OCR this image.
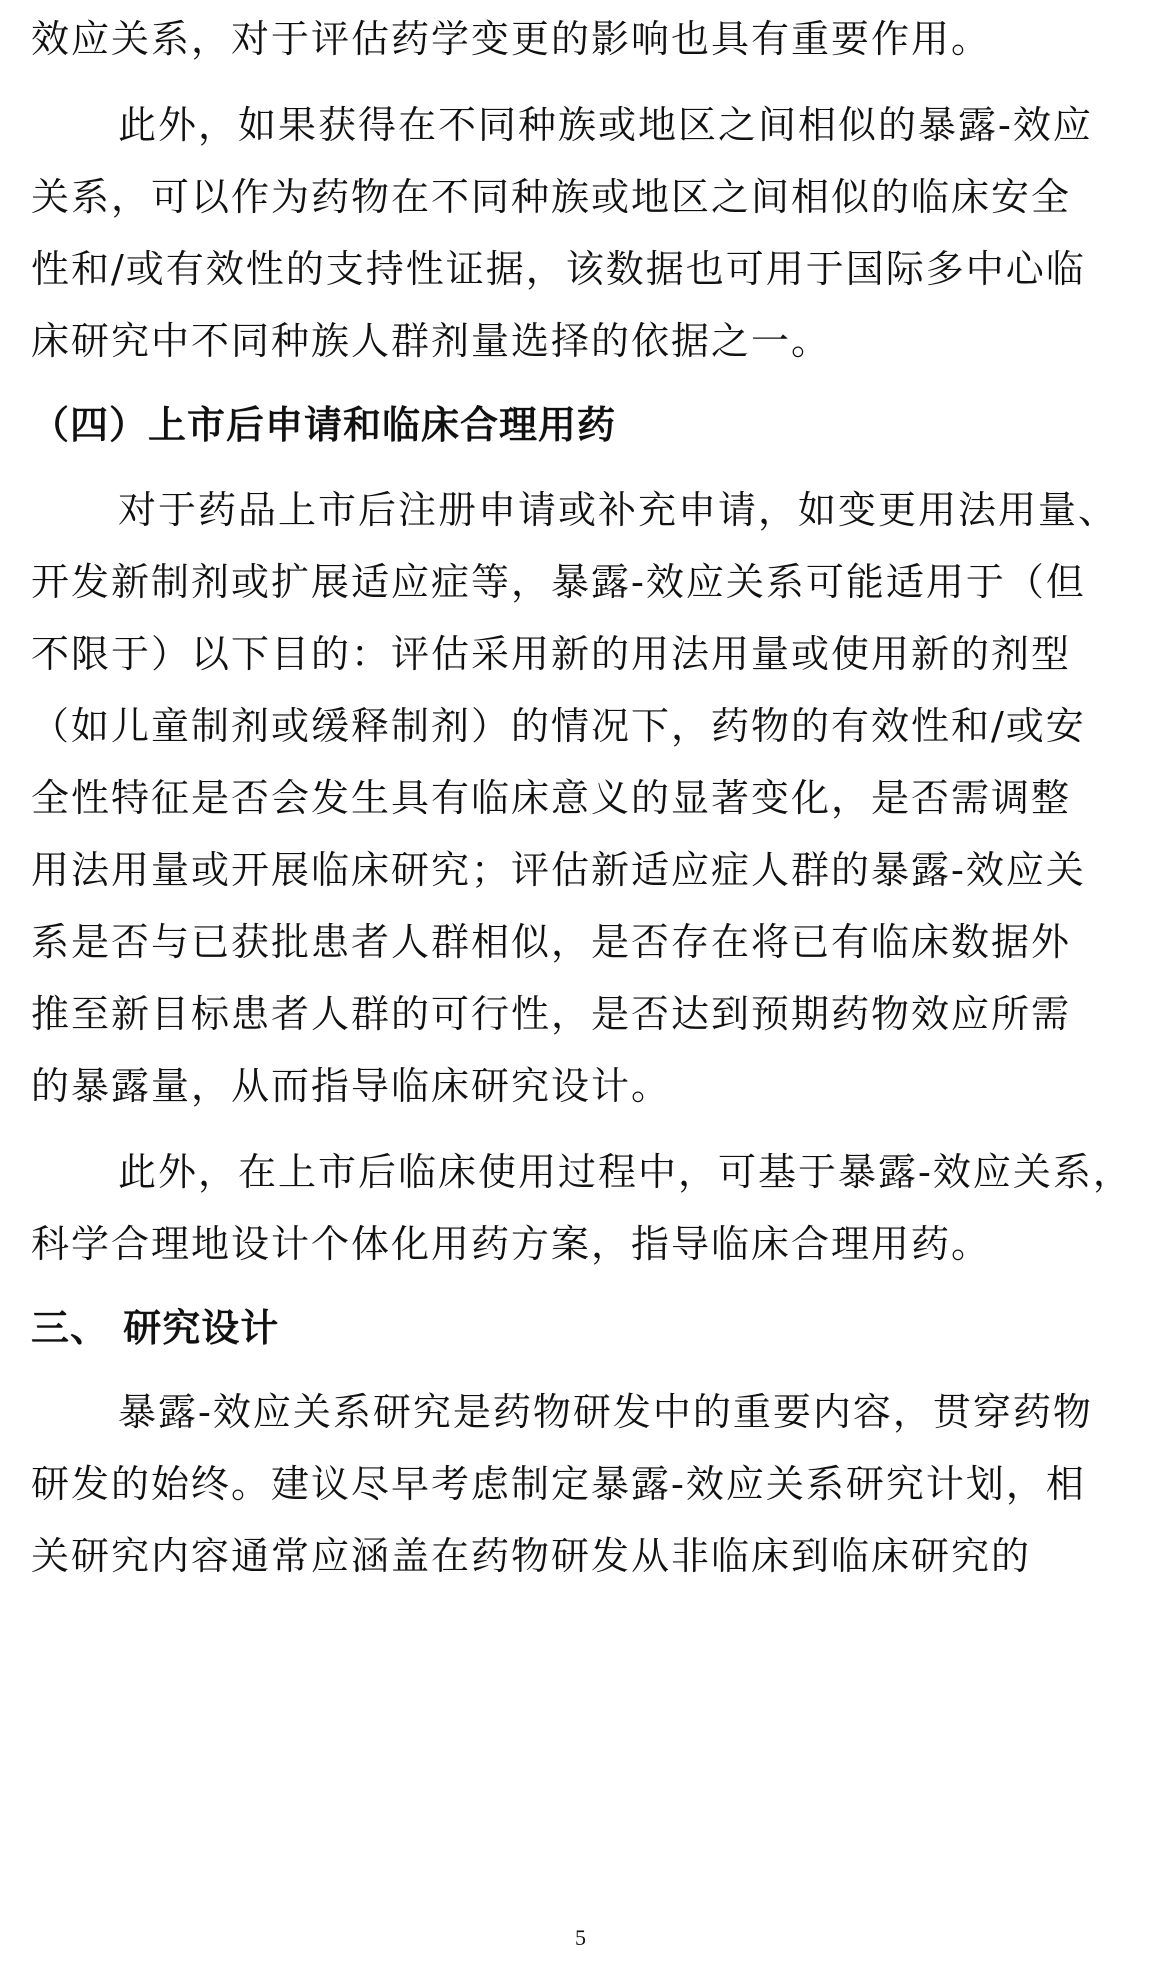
效应关系，对于评估药学变更的影响也具有重要作用。
此外，如果获得在不同种族或地区之间相似的暴露-效应
关系，可以作为药物在不同种族或地区之间相似的临床安全
性和/或有效性的支持性证据，该数据也可用于国际多中心临
床研究中不同种族人群剂量选择的依据之一。
（四）上市后申请和临床合理用药
对于药品上市后注册申请或补充申请，如变更用法用量、
开发新制剂或扩展适应症等，暴露-效应关系可能适用于（但
不限于）以下目的：评估采用新的用法用量或使用新的剂型
（如儿童制剂或缓释制剂）的情况下，药物的有效性和/或安
全性特征是否会发生具有临床意义的显著变化，是否需调整
用法用量或开展临床研究；评估新适应症人群的暴露-效应关
系是否与已获批患者人群相似，是否存在将已有临床数据外
推至新目标患者人群的可行性，是否达到预期药物效应所需
的暴露量，从而指导临床研究设计。
此外，在上市后临床使用过程中，可基于暴露-效应关系，
科学合理地设计个体化用药方案，指导临床合理用药。
三、 研究设计
暴露-效应关系研究是药物研发中的重要内容，贯穿药物
研发的始终。建议尽早考虑制定暴露-效应关系研究计划，相
关研究内容通常应涵盖在药物研发从非临床到临床研究的
5
